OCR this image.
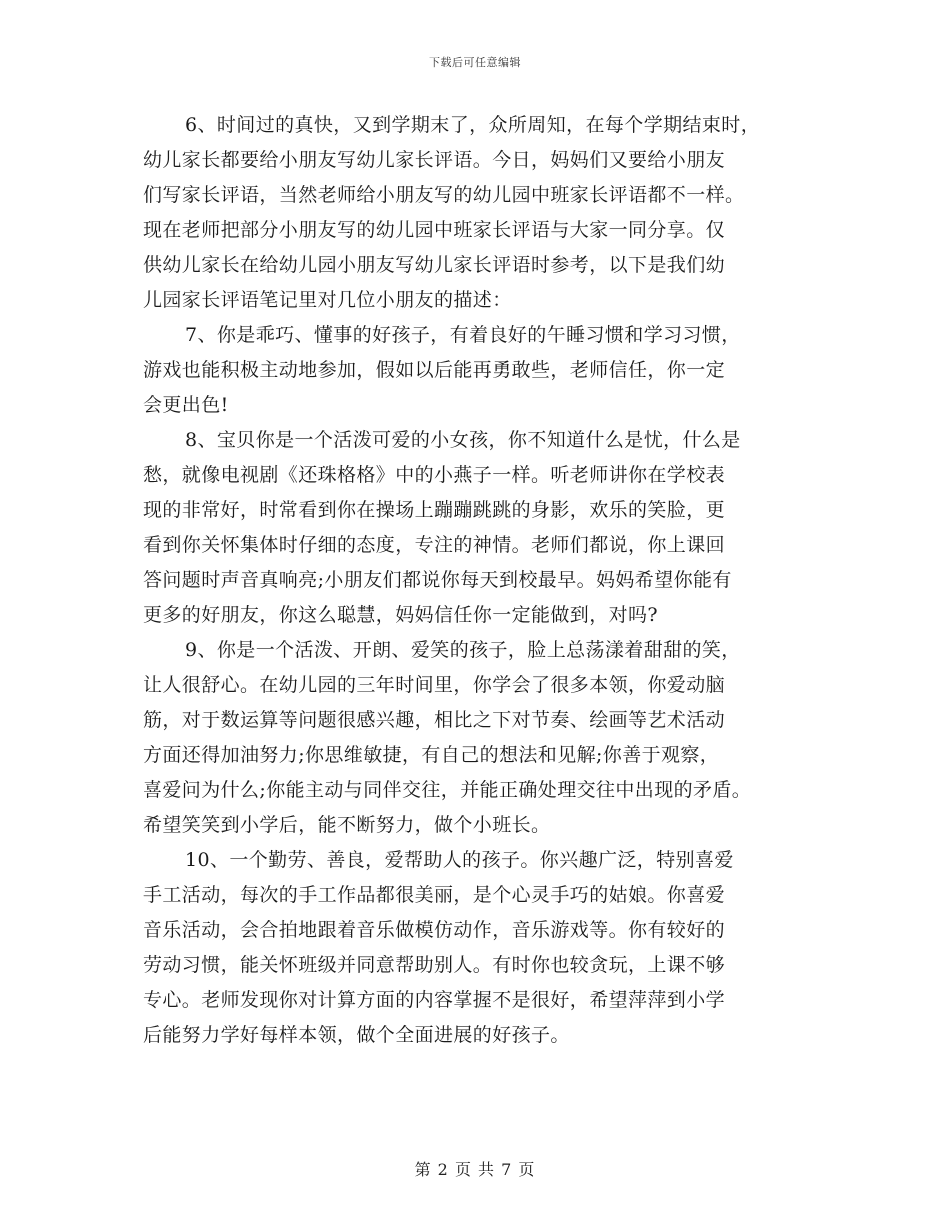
下载后可任意编辑
6、时间过的真快，又到学期末了，众所周知，在每个学期结束时，
幼儿家长都要给小朋友写幼儿家长评语。今日，妈妈们又要给小朋友
们写家长评语，当然老师给小朋友写的幼儿园中班家长评语都不一样。
现在老师把部分小朋友写的幼儿园中班家长评语与大家一同分享。仅
供幼儿家长在给幼儿园小朋友写幼儿家长评语时参考，以下是我们幼
儿园家长评语笔记里对几位小朋友的描述：
7、你是乖巧、懂事的好孩子，有着良好的午睡习惯和学习习惯，
游戏也能积极主动地参加，假如以后能再勇敢些，老师信任，你一定
会更出色!
8、宝贝你是一个活泼可爱的小女孩，你不知道什么是忧，什么是
愁，就像电视剧《还珠格格》中的小燕子一样。听老师讲你在学校表
现的非常好，时常看到你在操场上蹦蹦跳跳的身影，欢乐的笑脸，更
看到你关怀集体时仔细的态度，专注的神情。老师们都说，你上课回
答问题时声音真响亮;小朋友们都说你每天到校最早。妈妈希望你能有
更多的好朋友，你这么聪慧，妈妈信任你一定能做到，对吗?
9、你是一个活泼、开朗、爱笑的孩子，脸上总荡漾着甜甜的笑，
让人很舒心。在幼儿园的三年时间里，你学会了很多本领，你爱动脑
筋，对于数运算等问题很感兴趣，相比之下对节奏、绘画等艺术活动
方面还得加油努力;你思维敏捷，有自己的想法和见解;你善于观察，
喜爱问为什么;你能主动与同伴交往，并能正确处理交往中出现的矛盾。
希望笑笑到小学后，能不断努力，做个小班长。
10、一个勤劳、善良，爱帮助人的孩子。你兴趣广泛，特别喜爱
手工活动，每次的手工作品都很美丽，是个心灵手巧的姑娘。你喜爱
音乐活动，会合拍地跟着音乐做模仿动作，音乐游戏等。你有较好的
劳动习惯，能关怀班级并同意帮助别人。有时你也较贪玩，上课不够
专心。老师发现你对计算方面的内容掌握不是很好，希望萍萍到小学
后能努力学好每样本领，做个全面进展的好孩子。
第 2 页 共 7 页
